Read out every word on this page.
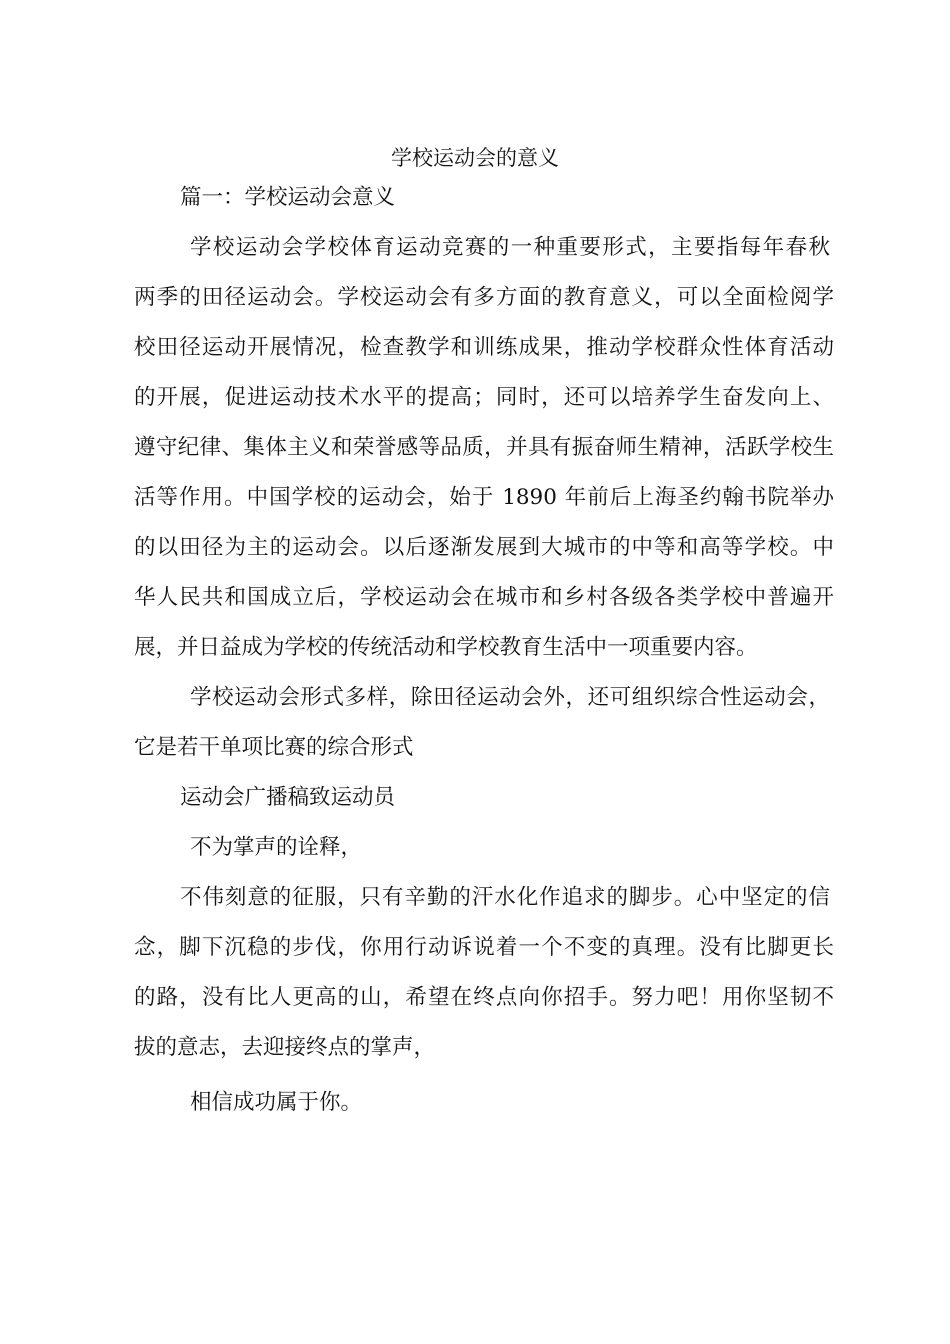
学校运动会的意义
篇一：学校运动会意义
学校运动会学校体育运动竞赛的一种重要形式，主要指每年春秋
两季的田径运动会。学校运动会有多方面的教育意义，可以全面检阅学
校田径运动开展情况，检查教学和训练成果，推动学校群众性体育活动
的开展，促进运动技术水平的提高；同时，还可以培养学生奋发向上、
遵守纪律、集体主义和荣誉感等品质，并具有振奋师生精神，活跃学校生
活等作用。中国学校的运动会，始于 1890 年前后上海圣约翰书院举办
的以田径为主的运动会。以后逐渐发展到大城市的中等和高等学校。中
华人民共和国成立后，学校运动会在城市和乡村各级各类学校中普遍开
展，并日益成为学校的传统活动和学校教育生活中一项重要内容。
学校运动会形式多样，除田径运动会外，还可组织综合性运动会，
它是若干单项比赛的综合形式
运动会广播稿致运动员
不为掌声的诠释，
不伟刻意的征服，只有辛勤的汗水化作追求的脚步。心中坚定的信
念，脚下沉稳的步伐，你用行动诉说着一个不变的真理。没有比脚更长
的路，没有比人更高的山，希望在终点向你招手。努力吧！用你坚韧不
拔的意志，去迎接终点的掌声，
相信成功属于你。
